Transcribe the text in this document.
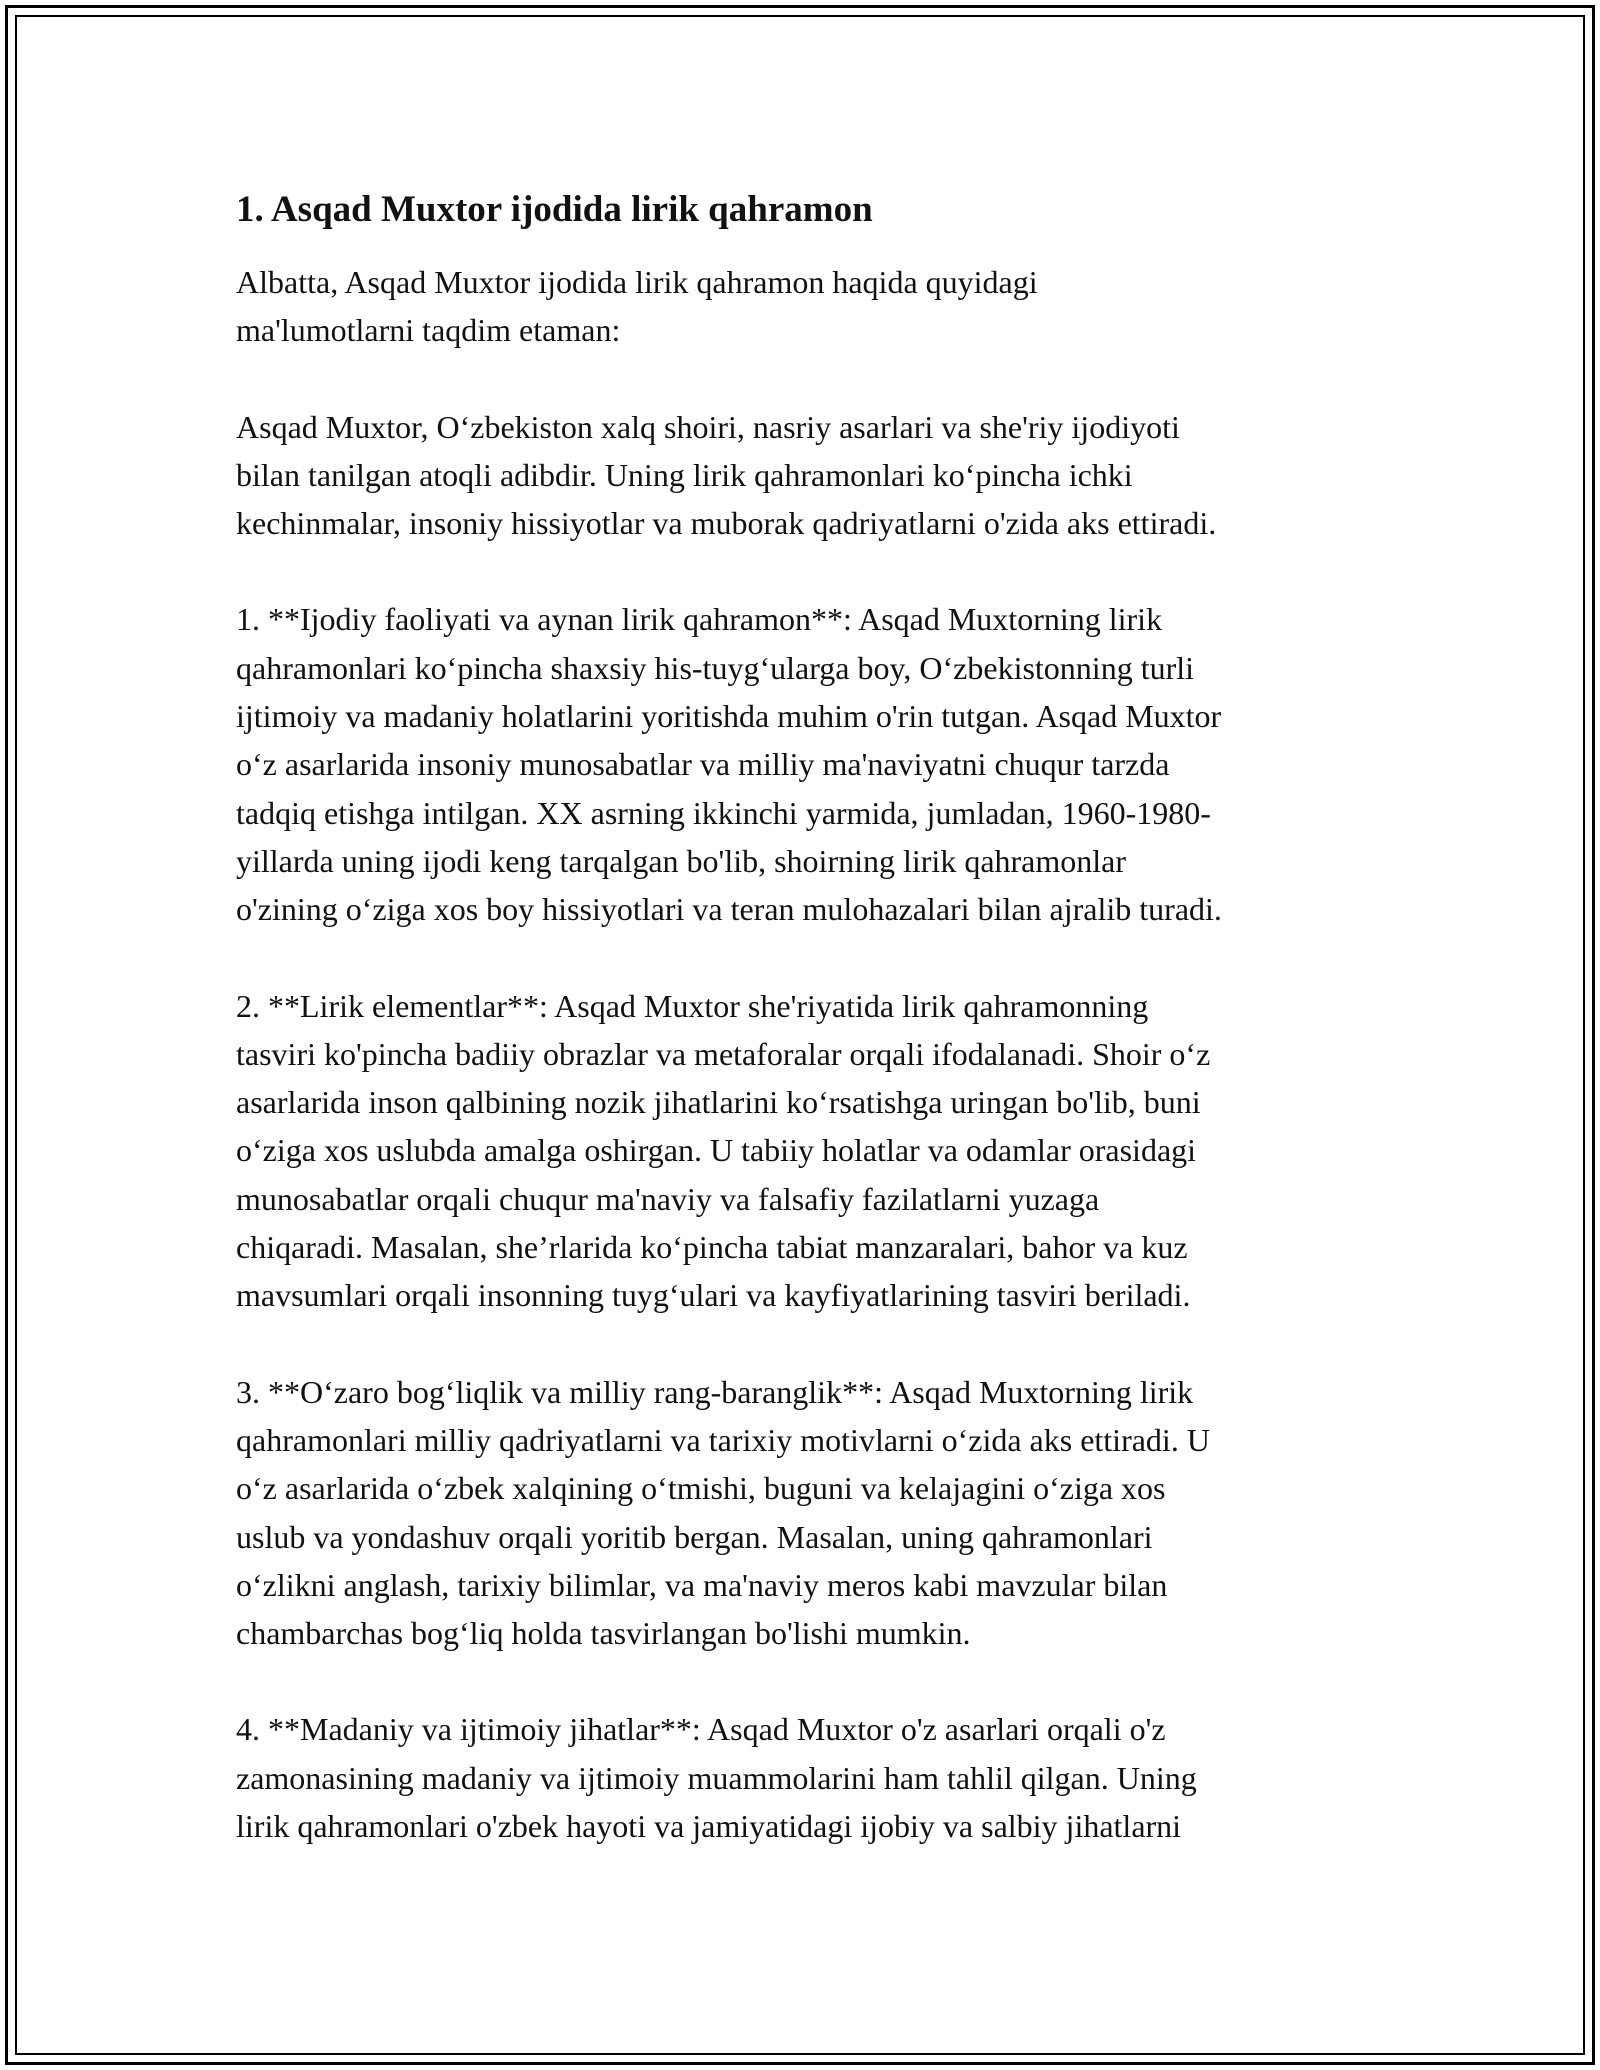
1. Asqad Muxtor ijodida lirik qahramon

Albatta, Asqad Muxtor ijodida lirik qahramon haqida quyidagi
ma'lumotlarni taqdim etaman:

Asqad Muxtor, O‘zbekiston xalq shoiri, nasriy asarlari va she'riy ijodiyoti
bilan tanilgan atoqli adibdir. Uning lirik qahramonlari ko‘pincha ichki
kechinmalar, insoniy hissiyotlar va muborak qadriyatlarni o'zida aks ettiradi.

1. **Ijodiy faoliyati va aynan lirik qahramon**: Asqad Muxtorning lirik
qahramonlari ko‘pincha shaxsiy his-tuyg‘ularga boy, O‘zbekistonning turli
ijtimoiy va madaniy holatlarini yoritishda muhim o'rin tutgan. Asqad Muxtor
o‘z asarlarida insoniy munosabatlar va milliy ma'naviyatni chuqur tarzda
tadqiq etishga intilgan. XX asrning ikkinchi yarmida, jumladan, 1960-1980-
yillarda uning ijodi keng tarqalgan bo'lib, shoirning lirik qahramonlar
o'zining o‘ziga xos boy hissiyotlari va teran mulohazalari bilan ajralib turadi.

2. **Lirik elementlar**: Asqad Muxtor she'riyatida lirik qahramonning
tasviri ko'pincha badiiy obrazlar va metaforalar orqali ifodalanadi. Shoir o‘z
asarlarida inson qalbining nozik jihatlarini ko‘rsatishga uringan bo'lib, buni
o‘ziga xos uslubda amalga oshirgan. U tabiiy holatlar va odamlar orasidagi
munosabatlar orqali chuqur ma'naviy va falsafiy fazilatlarni yuzaga
chiqaradi. Masalan, she’rlarida ko‘pincha tabiat manzaralari, bahor va kuz
mavsumlari orqali insonning tuyg‘ulari va kayfiyatlarining tasviri beriladi.

3. **O‘zaro bog‘liqlik va milliy rang-baranglik**: Asqad Muxtorning lirik
qahramonlari milliy qadriyatlarni va tarixiy motivlarni o‘zida aks ettiradi. U
o‘z asarlarida o‘zbek xalqining o‘tmishi, buguni va kelajagini o‘ziga xos
uslub va yondashuv orqali yoritib bergan. Masalan, uning qahramonlari
o‘zlikni anglash, tarixiy bilimlar, va ma'naviy meros kabi mavzular bilan
chambarchas bog‘liq holda tasvirlangan bo'lishi mumkin.

4. **Madaniy va ijtimoiy jihatlar**: Asqad Muxtor o'z asarlari orqali o'z
zamonasining madaniy va ijtimoiy muammolarini ham tahlil qilgan. Uning
lirik qahramonlari o'zbek hayoti va jamiyatidagi ijobiy va salbiy jihatlarni
